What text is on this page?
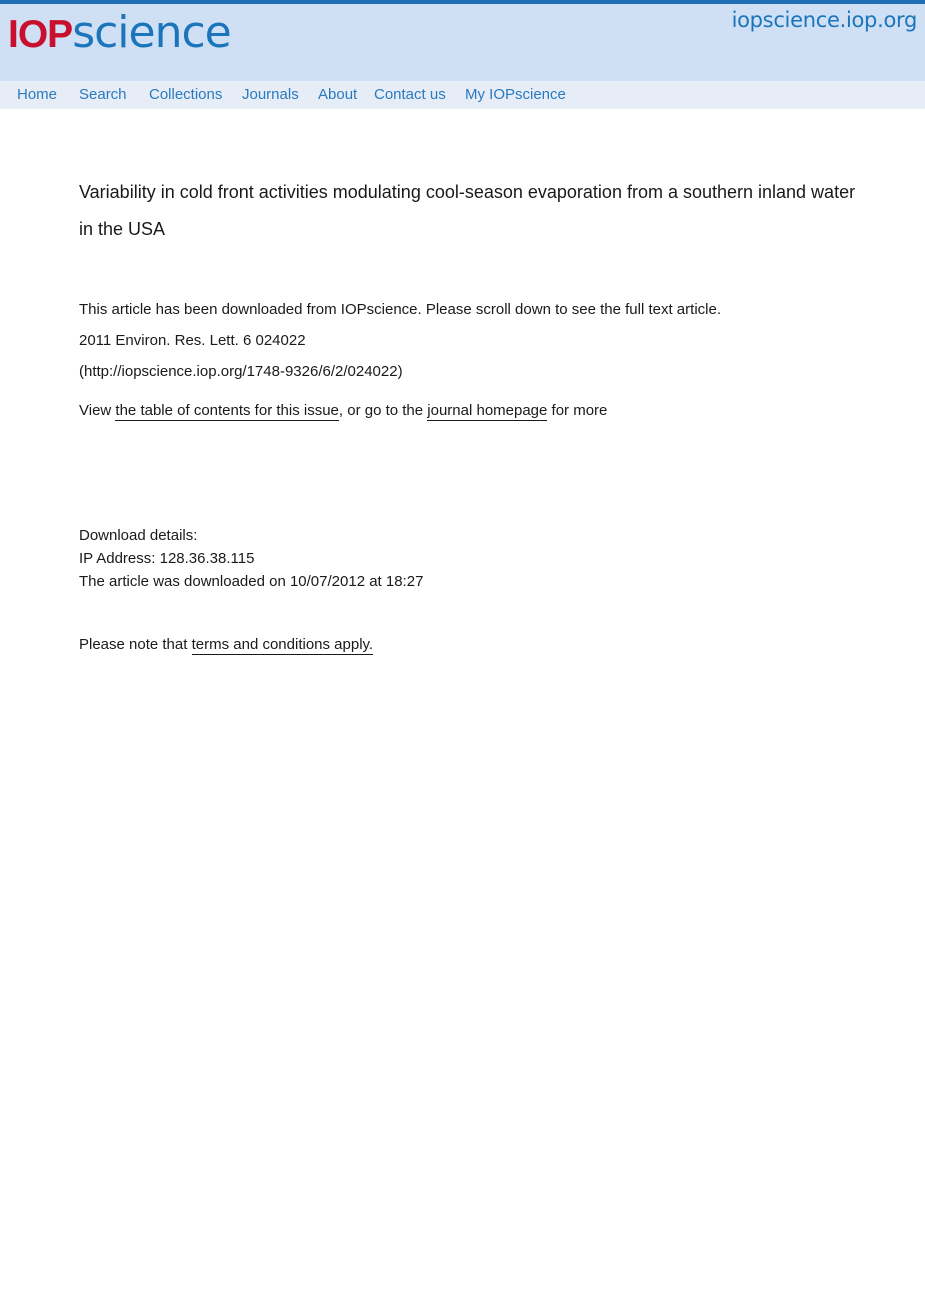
IOPscience	iopscience.iop.org
Home Search Collections Journals About Contact us My IOPscience
Variability in cold front activities modulating cool-season evaporation from a southern inland water in the USA
This article has been downloaded from IOPscience. Please scroll down to see the full text article.
2011 Environ. Res. Lett. 6 024022
(http://iopscience.iop.org/1748-9326/6/2/024022)
View the table of contents for this issue, or go to the journal homepage for more
Download details:
IP Address: 128.36.38.115
The article was downloaded on 10/07/2012 at 18:27
Please note that terms and conditions apply.
